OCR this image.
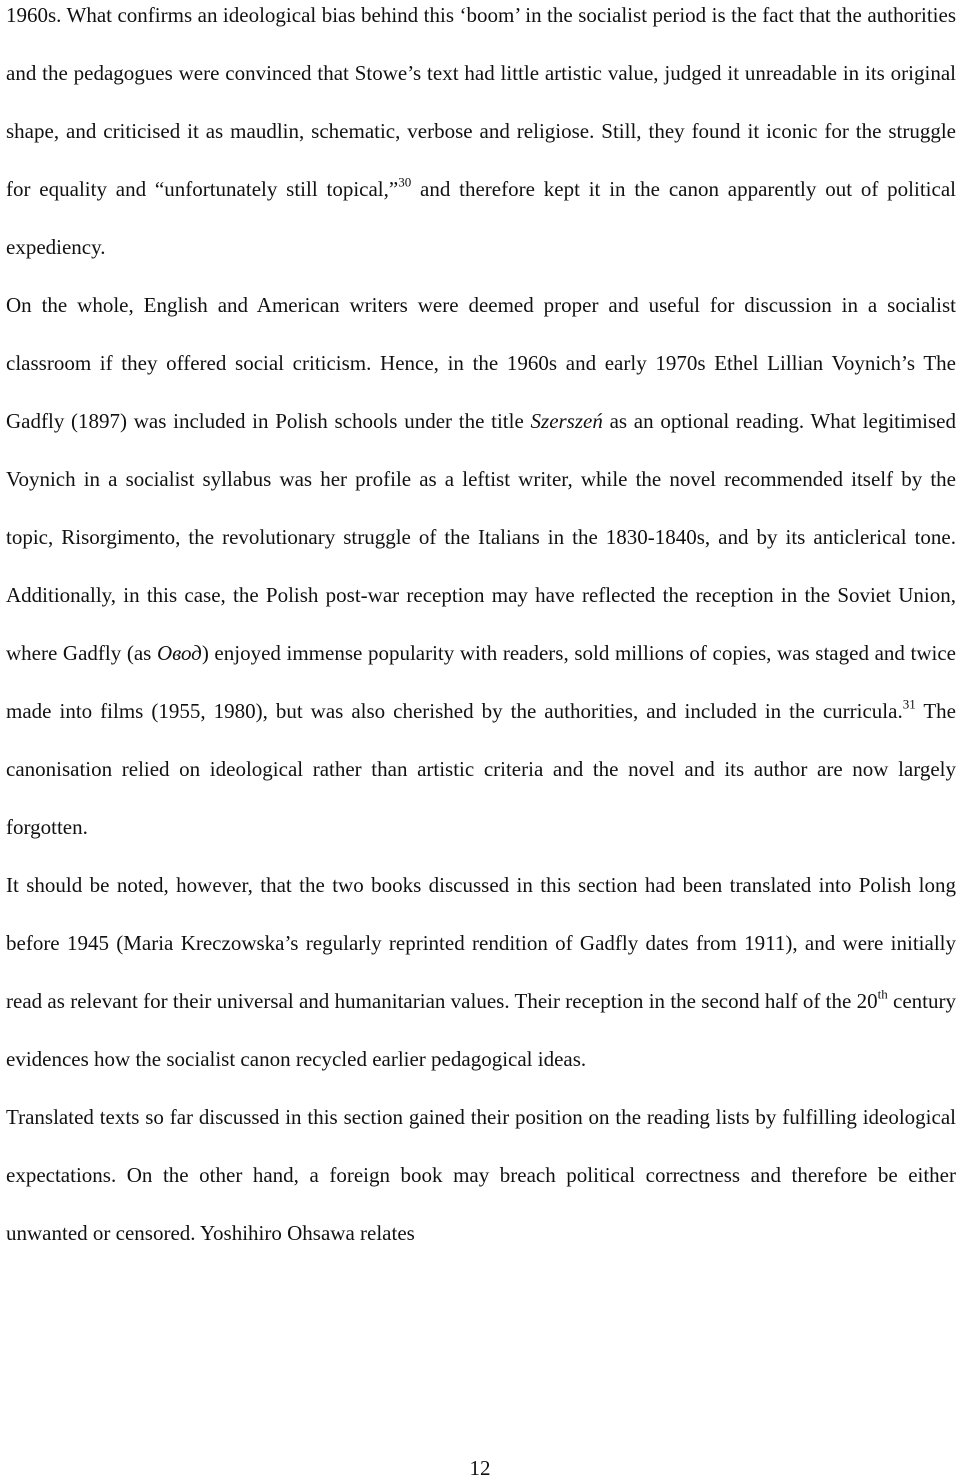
1960s. What confirms an ideological bias behind this ‘boom’ in the socialist period is the fact that the authorities and the pedagogues were convinced that Stowe’s text had little artistic value, judged it unreadable in its original shape, and criticised it as maudlin, schematic, verbose and religiose. Still, they found it iconic for the struggle for equality and “unfortunately still topical,”$^{30}$ and therefore kept it in the canon apparently out of political expediency.

On the whole, English and American writers were deemed proper and useful for discussion in a socialist classroom if they offered social criticism. Hence, in the 1960s and early 1970s Ethel Lillian Voynich’s The Gadfly (1897) was included in Polish schools under the title Szerszeń as an optional reading. What legitimised Voynich in a socialist syllabus was her profile as a leftist writer, while the novel recommended itself by the topic, Risorgimento, the revolutionary struggle of the Italians in the 1830-1840s, and by its anticlerical tone. Additionally, in this case, the Polish post-war reception may have reflected the reception in the Soviet Union, where Gadfly (as Овод) enjoyed immense popularity with readers, sold millions of copies, was staged and twice made into films (1955, 1980), but was also cherished by the authorities, and included in the curricula.$^{31}$ The canonisation relied on ideological rather than artistic criteria and the novel and its author are now largely forgotten.

It should be noted, however, that the two books discussed in this section had been translated into Polish long before 1945 (Maria Kreczowska’s regularly reprinted rendition of Gadfly dates from 1911), and were initially read as relevant for their universal and humanitarian values. Their reception in the second half of the 20th century evidences how the socialist canon recycled earlier pedagogical ideas.

Translated texts so far discussed in this section gained their position on the reading lists by fulfilling ideological expectations. On the other hand, a foreign book may breach political correctness and therefore be either unwanted or censored. Yoshihiro Ohsawa relates

12
